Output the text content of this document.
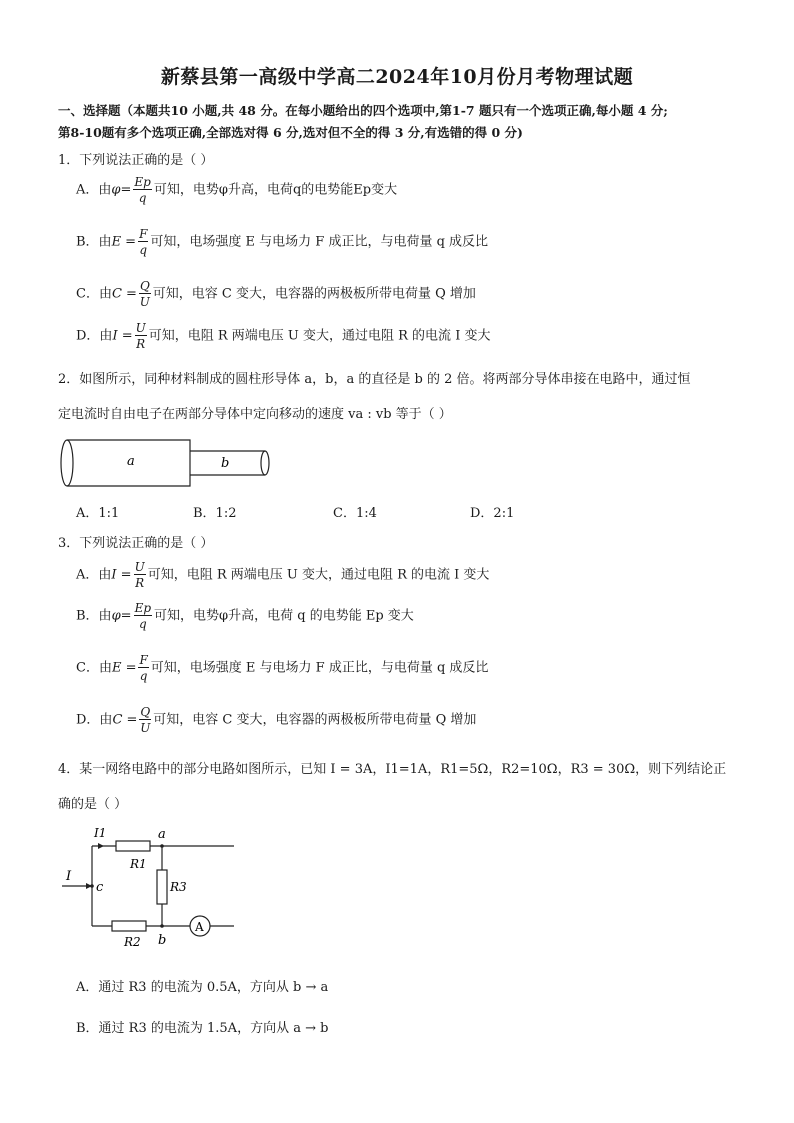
新蔡县第一高级中学高二2024年10月份月考物理试题
一、选择题（本题共10 小题,共 48 分。在每小题给出的四个选项中,第1-7 题只有一个选项正确,每小题 4 分;
第8-10题有多个选项正确,全部选对得 6 分,选对但不全的得 3 分,有选错的得 0 分)
1．下列说法正确的是（ ）
A．由$\varphi= \frac{Ep}{q}$ 可知，电势φ升高，电荷q的电势能Ep变大
B．由$E = \frac{F}{q}$ 可知，电场强度 E 与电场力 F 成正比，与电荷量 q 成反比
C．由$C = \frac{Q}{U}$ 可知，电容 C 变大，电容器的两极板所带电荷量 Q 增加
D．由$I = \frac{U}{R}$ 可知，电阻 R 两端电压 U 变大，通过电阻 R 的电流 I 变大
2．如图所示，同种材料制成的圆柱形导体 a，b，a 的直径是 b 的 2 倍。将两部分导体串接在电路中，通过恒
定电流时自由电子在两部分导体中定向移动的速度 va : vb 等于（ ）
a	b
A．1:1	B．1:2	C．1:4	D．2:1
3．下列说法正确的是（ ）
A．由$I = \frac{U}{R}$ 可知，电阻 R 两端电压 U 变大，通过电阻 R 的电流 I 变大
B．由$\varphi= \frac{Ep}{q}$ 可知，电势φ升高，电荷 q 的电势能 Ep 变大
C．由$E = \frac{F}{q}$ 可知，电场强度 E 与电场力 F 成正比，与电荷量 q 成反比
D．由$C = \frac{Q}{U}$ 可知，电容 C 变大，电容器的两极板所带电荷量 Q 增加
4．某一网络电路中的部分电路如图所示，已知 I = 3A，I1=1A，R1=5Ω，R2=10Ω，R3 = 30Ω，则下列结论正
确的是（ ）
I
I1	a
b
c
R1
R3
R2
A
A．通过 R3 的电流为 0.5A，方向从 b → a
B．通过 R3 的电流为 1.5A，方向从 a → b
